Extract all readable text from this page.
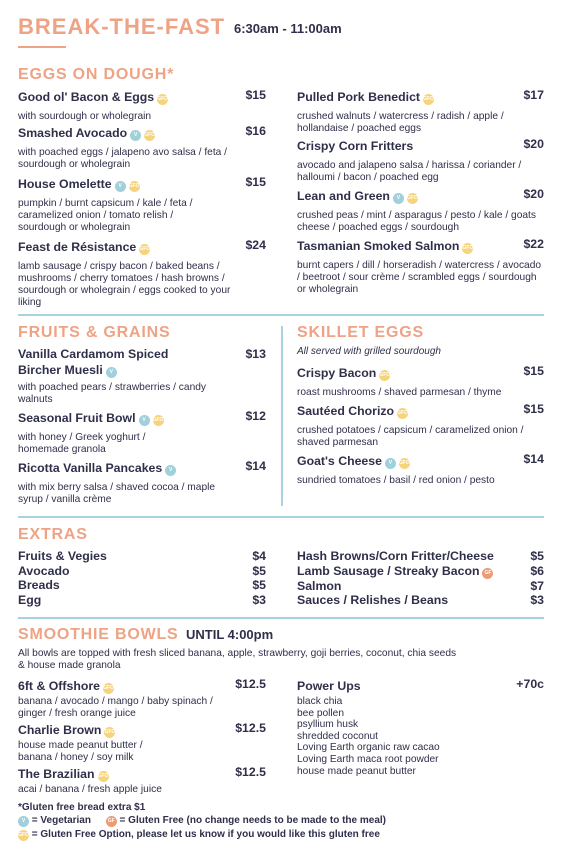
BREAK-THE-FAST 6:30am - 11:00am
EGGS ON DOUGH*
Good ol' Bacon & Eggs GFO	$15
with sourdough or wholegrain
Smashed Avocado V GFO	$16
with poached eggs / jalapeno avo salsa / feta / sourdough or wholegrain
House Omelette V GFO	$15
pumpkin / burnt capsicum / kale / feta / caramelized onion / tomato relish / sourdough or wholegrain
Feast de Résistance GFO	$24
lamb sausage / crispy bacon / baked beans / mushrooms / cherry tomatoes / hash browns / sourdough or wholegrain / eggs cooked to your liking
Pulled Pork Benedict GFO	$17
crushed walnuts / watercress / radish / apple / hollandaise / poached eggs
Crispy Corn Fritters	$20
avocado and jalapeno salsa / harissa / coriander / halloumi / bacon / poached egg
Lean and Green V GFO	$20
crushed peas / mint / asparagus / pesto / kale / goats cheese / poached eggs / sourdough
Tasmanian Smoked Salmon GFO	$22
burnt capers / dill / horseradish / watercress / avocado / beetroot / sour crème / scrambled eggs / sourdough or wholegrain
FRUITS & GRAINS
Vanilla Cardamom Spiced
Bircher Muesli V
$13
with poached pears / strawberries / candy walnuts
Seasonal Fruit Bowl V GFO	$12
with honey / Greek yoghurt / homemade granola
Ricotta Vanilla Pancakes V	$14
with mix berry salsa / shaved cocoa / maple syrup / vanilla crème
SKILLET EGGS
All served with grilled sourdough
Crispy Bacon GFO	$15
roast mushrooms / shaved parmesan / thyme
Sautéed Chorizo GFO	$15
crushed potatoes / capsicum / caramelized onion / shaved parmesan
Goat's Cheese V GFO	$14
sundried tomatoes / basil / red onion / pesto
EXTRAS
Fruits & Vegies	$4
Avocado	$5
Breads	$5
Egg	$3
Hash Browns/Corn Fritter/Cheese	$5
Lamb Sausage / Streaky Bacon GF	$6
Salmon	$7
Sauces / Relishes / Beans	$3
SMOOTHIE BOWLS UNTIL 4:00pm
All bowls are topped with fresh sliced banana, apple, strawberry, goji berries, coconut, chia seeds & house made granola
6ft & Offshore GFO	$12.5
banana / avocado / mango / baby spinach / ginger / fresh orange juice
Charlie Brown GFO	$12.5
house made peanut butter / banana / honey / soy milk
The Brazilian GFO	$12.5
acai / banana / fresh apple juice
Power Ups	+70c
black chia
bee pollen
psyllium husk
shredded coconut
Loving Earth organic raw cacao
Loving Earth maca root powder
house made peanut butter
*Gluten free bread extra $1
V = Vegetarian	GF = Gluten Free (no change needs to be made to the meal)
GFO = Gluten Free Option, please let us know if you would like this gluten free
